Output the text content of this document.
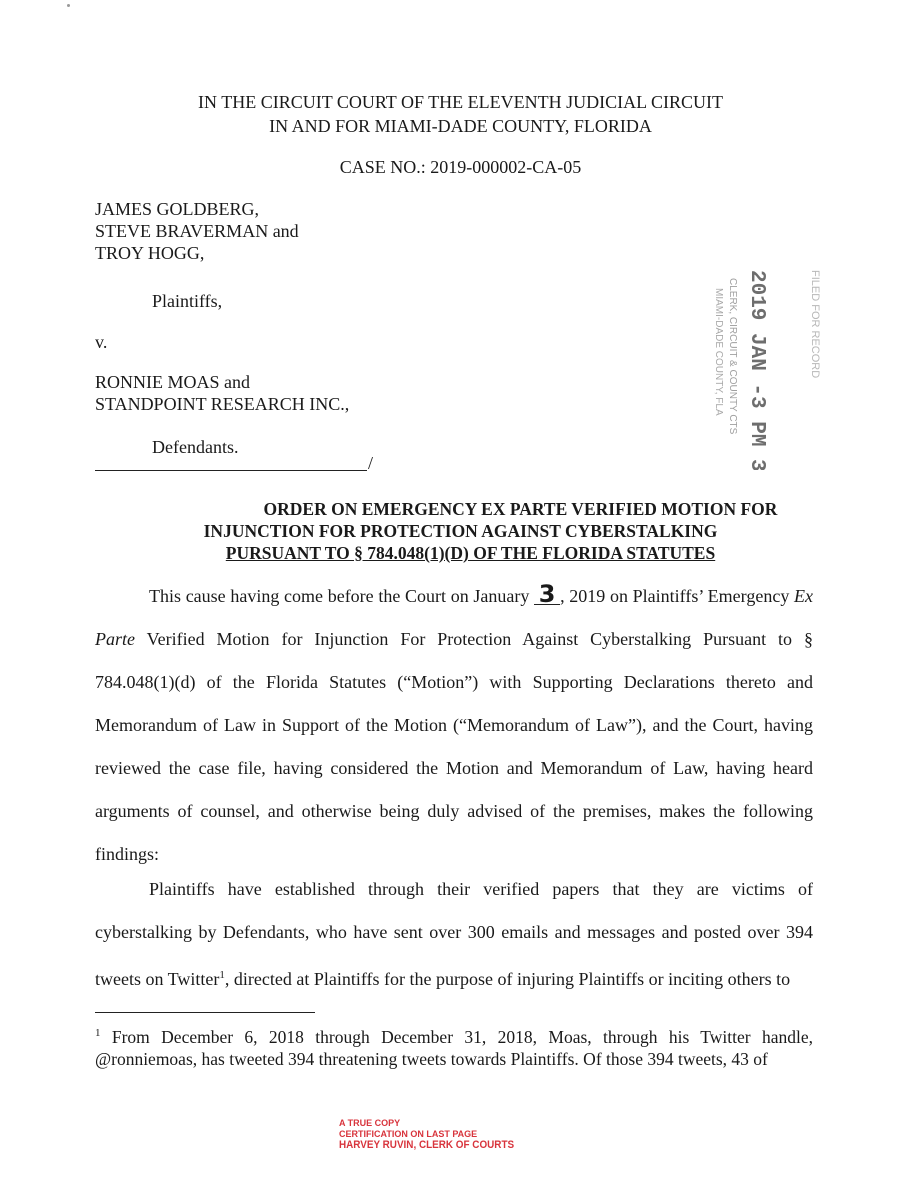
IN THE CIRCUIT COURT OF THE ELEVENTH JUDICIAL CIRCUIT
IN AND FOR MIAMI-DADE COUNTY, FLORIDA
CASE NO.: 2019-000002-CA-05
JAMES GOLDBERG,
STEVE BRAVERMAN and
TROY HOGG,
Plaintiffs,
v.
RONNIE MOAS and
STANDPOINT RESEARCH INC.,
Defendants.
/	2019 JAN -3 PM 3: 30
CLERK, CIRCUIT & COUNTY CTS
MIAMI-DADE COUNTY, FLA	FILED FOR RECORD
ORDER ON EMERGENCY EX PARTE VERIFIED MOTION FOR
INJUNCTION FOR PROTECTION AGAINST CYBERSTALKING
PURSUANT TO § 784.048(1)(D) OF THE FLORIDA STATUTES
This cause having come before the Court on January 3 , 2019 on Plaintiffs’ Emergency Ex Parte Verified Motion for Injunction For Protection Against Cyberstalking Pursuant to § 784.048(1)(d) of the Florida Statutes (“Motion”) with Supporting Declarations thereto and Memorandum of Law in Support of the Motion (“Memorandum of Law”), and the Court, having reviewed the case file, having considered the Motion and Memorandum of Law, having heard arguments of counsel, and otherwise being duly advised of the premises, makes the following findings:
Plaintiffs have established through their verified papers that they are victims of cyberstalking by Defendants, who have sent over 300 emails and messages and posted over 394 tweets on Twitter$^1$, directed at Plaintiffs for the purpose of injuring Plaintiffs or inciting others to
$^1$ From December 6, 2018 through December 31, 2018, Moas, through his Twitter handle, @ronniemoas, has tweeted 394 threatening tweets towards Plaintiffs. Of those 394 tweets, 43 of
A TRUE COPY
CERTIFICATION ON LAST PAGE
HARVEY RUVIN, CLERK OF COURTS
